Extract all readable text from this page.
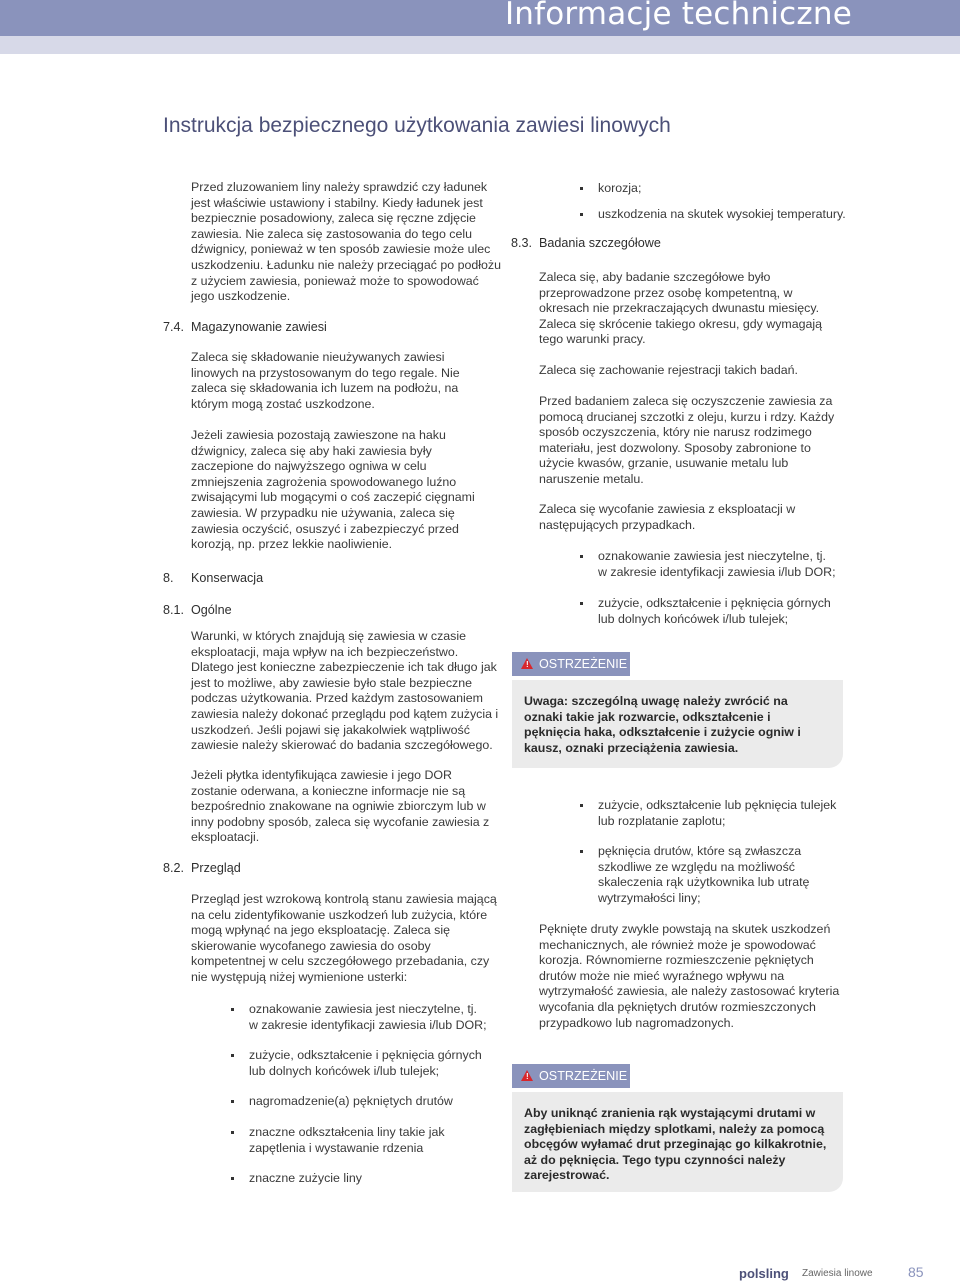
Informacje techniczne
Instrukcja bezpiecznego użytkowania zawiesi linowych
Przed zluzowaniem liny należy sprawdzić czy ładunek jest właściwie ustawiony i stabilny. Kiedy ładunek jest bezpiecznie posadowiony, zaleca się ręczne zdjęcie zawiesia. Nie zaleca się zastosowania do tego celu dźwignicy, ponieważ w ten sposób zawiesie może ulec uszkodzeniu. Ładunku nie należy przeciągać po podłożu z użyciem zawiesia, ponieważ może to spowodować jego uszkodzenie.
7.4. Magazynowanie zawiesi
Zaleca się składowanie nieużywanych zawiesi linowych na przystosowanym do tego regale. Nie zaleca się składowania ich luzem na podłożu, na którym mogą zostać uszkodzone.
Jeżeli zawiesia pozostają zawieszone na haku dźwignicy, zaleca się aby haki zawiesia były zaczepione do najwyższego ogniwa w celu zmniejszenia zagrożenia spowodowanego luźno zwisającymi lub mogącymi o coś zaczepić cięgnami zawiesia. W przypadku nie używania, zaleca się zawiesia oczyścić, osuszyć i zabezpieczyć przed korozją, np. przez lekkie naoliwienie.
8. Konserwacja
8.1. Ogólne
Warunki, w których znajdują się zawiesia w czasie eksploatacji, maja wpływ na ich bezpieczeństwo. Dlatego jest konieczne zabezpieczenie ich tak długo jak jest to możliwe, aby zawiesie było stale bezpieczne podczas użytkowania. Przed każdym zastosowaniem zawiesia należy dokonać przeglądu pod kątem zużycia i uszkodzeń. Jeśli pojawi się jakakolwiek wątpliwość zawiesie należy skierować do badania szczegółowego.
Jeżeli płytka identyfikująca zawiesie i jego DOR zostanie oderwana, a konieczne informacje nie są bezpośrednio znakowane na ogniwie zbiorczym lub w inny podobny sposób, zaleca się wycofanie zawiesia z eksploatacji.
8.2. Przegląd
Przegląd jest wzrokową kontrolą stanu zawiesia mającą na celu zidentyfikowanie uszkodzeń lub zużycia, które mogą wpłynąć na jego eksploatację. Zaleca się skierowanie wycofanego zawiesia do osoby kompetentnej w celu szczegółowego przebadania, czy nie występują niżej wymienione usterki:
oznakowanie zawiesia jest nieczytelne, tj.
w zakresie identyfikacji zawiesia i/lub DOR;
zużycie, odkształcenie i pęknięcia górnych
lub dolnych końcówek i/lub tulejek;
nagromadzenie(a) pękniętych drutów
znaczne odkształcenia liny takie jak
zapętlenia i wystawanie rdzenia
znaczne zużycie liny
korozja;
uszkodzenia na skutek wysokiej temperatury.
8.3. Badania szczegółowe
Zaleca się, aby badanie szczegółowe było przeprowadzone przez osobę kompetentną, w okresach nie przekraczających dwunastu miesięcy. Zaleca się skrócenie takiego okresu, gdy wymagają tego warunki pracy.
Zaleca się zachowanie rejestracji takich badań.
Przed badaniem zaleca się oczyszczenie zawiesia za pomocą drucianej szczotki z oleju, kurzu i rdzy. Każdy sposób oczyszczenia, który nie narusz rodzimego materiału, jest dozwolony. Sposoby zabronione to użycie kwasów, grzanie, usuwanie metalu lub naruszenie metalu.
Zaleca się wycofanie zawiesia z eksploatacji w następujących przypadkach.
oznakowanie zawiesia jest nieczytelne, tj.
w zakresie identyfikacji zawiesia i/lub DOR;
zużycie, odkształcenie i pęknięcia górnych
lub dolnych końcówek i/lub tulejek;
Uwaga: szczególną uwagę należy zwrócić na oznaki takie jak rozwarcie, odkształcenie i pęknięcia haka, odkształcenie i zużycie ogniw i kausz, oznaki przeciążenia zawiesia.
! OSTRZEŻENIE
zużycie, odkształcenie lub pęknięcia tulejek
lub rozplatanie zaplotu;
pęknięcia drutów, które są zwłaszcza
szkodliwe ze względu na możliwość
skaleczenia rąk użytkownika lub utratę
wytrzymałości liny;
Pęknięte druty zwykle powstają na skutek uszkodzeń mechanicznych, ale również może je spowodować korozja. Równomierne rozmieszczenie pękniętych drutów może nie mieć wyraźnego wpływu na wytrzymałość zawiesia, ale należy zastosować kryteria wycofania dla pękniętych drutów rozmieszczonych przypadkowo lub nagromadzonych.
Aby uniknąć zranienia rąk wystającymi drutami w zagłębieniach między splotkami, należy za pomocą obcęgów wyłamać drut przeginając go kilkakrotnie, aż do pęknięcia. Tego typu czynności należy zarejestrować.
! OSTRZEŻENIE
polsling Zawiesia linowe	85
